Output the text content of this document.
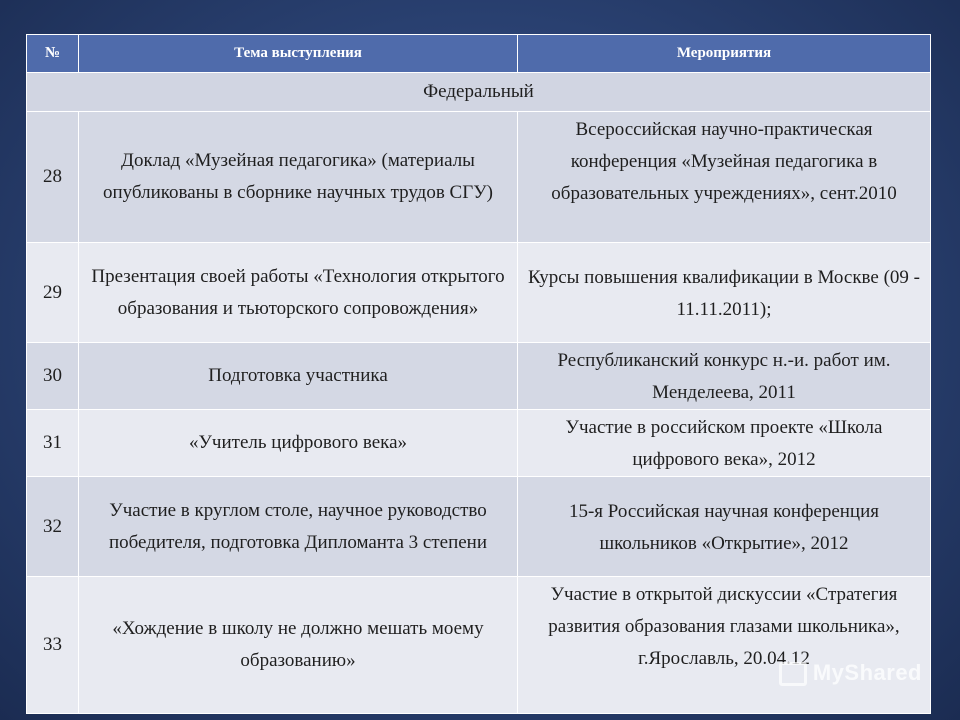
№	Тема выступления	Мероприятия
Федеральный		
28	Доклад «Музейная педагогика» (материалы опубликованы в сборнике научных трудов СГУ)	Всероссийская научно-практическая конференция «Музейная педагогика в образовательных учреждениях», сент.2010
29	Презентация своей работы «Технология открытого образования и тьюторского сопровождения»	Курсы повышения квалификации в Москве (09 - 11.11.2011);
30	Подготовка участника	Республиканский конкурс н.-и. работ им. Менделеева, 2011
31	«Учитель цифрового века»	Участие в российском проекте «Школа цифрового века», 2012
32	Участие в круглом столе, научное руководство победителя, подготовка Дипломанта 3 степени	15-я Российская научная конференция школьников «Открытие», 2012
33	«Хождение в школу не должно мешать моему образованию»	Участие в открытой дискуссии «Стратегия развития образования глазами школьника», г.Ярославль, 20.04.12
MyShared
